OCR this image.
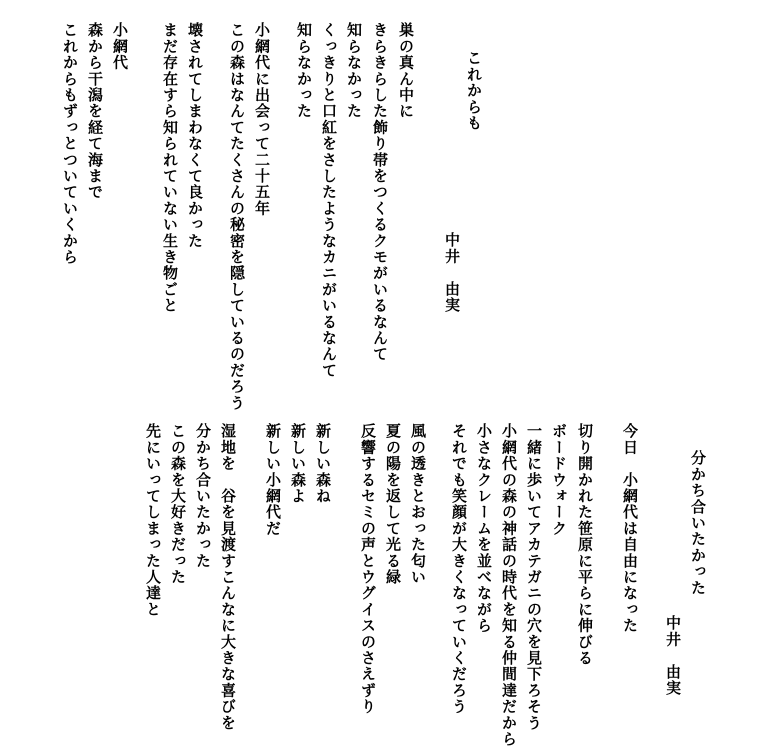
これからも
中井　由実
巣の真ん中に
きらきらした飾り帯をつくるクモがいるなんて
知らなかった
くっきりと口紅をさしたようなカニがいるなんて
知らなかった
小網代に出会って二十五年
この森はなんてたくさんの秘密を隠しているのだろう
壊されてしまわなくて良かった
まだ存在すら知られていない生き物ごと
小網代
森から干潟を経て海まで
これからもずっとついていくから
分かち合いたかった
中井　由実
今日　小網代は自由になった
切り開かれた笹原に平らに伸びる
ボードウォーク
一緒に歩いてアカテガニの穴を見下ろそう
小網代の森の神話の時代を知る仲間達だから
小さなクレームを並べながら
それでも笑顔が大きくなっていくだろう
風の透きとおった匂い
夏の陽を返して光る緑
反響するセミの声とウグイスのさえずり
新しい森ね
新しい森よ
新しい小網代だ
湿地を　谷を見渡すこんなに大きな喜びを
分かち合いたかった
この森を大好きだった
先にいってしまった人達と
